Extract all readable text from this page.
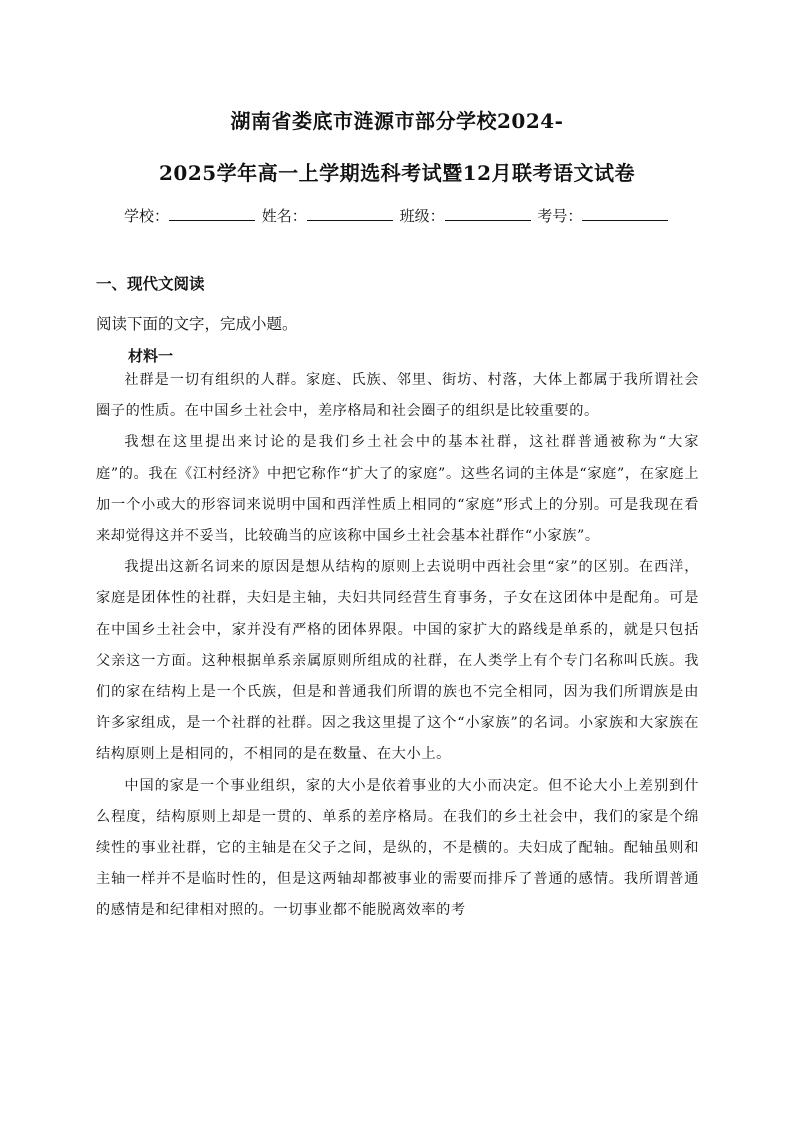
湖南省娄底市涟源市部分学校2024-
2025学年高一上学期选科考试暨12月联考语文试卷
学校：	姓名：	班级：	考号：
一、现代文阅读
阅读下面的文字，完成小题。
材料一

社群是一切有组织的人群。家庭、氏族、邻里、街坊、村落，大体上都属于我所谓社会圈子的性质。在中国乡土社会中，差序格局和社会圈子的组织是比较重要的。

我想在这里提出来讨论的是我们乡土社会中的基本社群，这社群普通被称为“大家庭”的。我在《江村经济》中把它称作“扩大了的家庭”。这些名词的主体是“家庭”，在家庭上加一个小或大的形容词来说明中国和西洋性质上相同的“家庭”形式上的分别。可是我现在看来却觉得这并不妥当，比较确当的应该称中国乡土社会基本社群作“小家族”。

我提出这新名词来的原因是想从结构的原则上去说明中西社会里“家”的区别。在西洋，家庭是团体性的社群，夫妇是主轴，夫妇共同经营生育事务，子女在这团体中是配角。可是在中国乡土社会中，家并没有严格的团体界限。中国的家扩大的路线是单系的，就是只包括父亲这一方面。这种根据单系亲属原则所组成的社群，在人类学上有个专门名称叫氏族。我们的家在结构上是一个氏族，但是和普通我们所谓的族也不完全相同，因为我们所谓族是由许多家组成，是一个社群的社群。因之我这里提了这个“小家族”的名词。小家族和大家族在结构原则上是相同的，不相同的是在数量、在大小上。

中国的家是一个事业组织，家的大小是依着事业的大小而决定。但不论大小上差别到什么程度，结构原则上却是一贯的、单系的差序格局。在我们的乡土社会中，我们的家是个绵续性的事业社群，它的主轴是在父子之间，是纵的，不是横的。夫妇成了配轴。配轴虽则和主轴一样并不是临时性的，但是这两轴却都被事业的需要而排斥了普通的感情。我所谓普通的感情是和纪律相对照的。一切事业都不能脱离效率的考
